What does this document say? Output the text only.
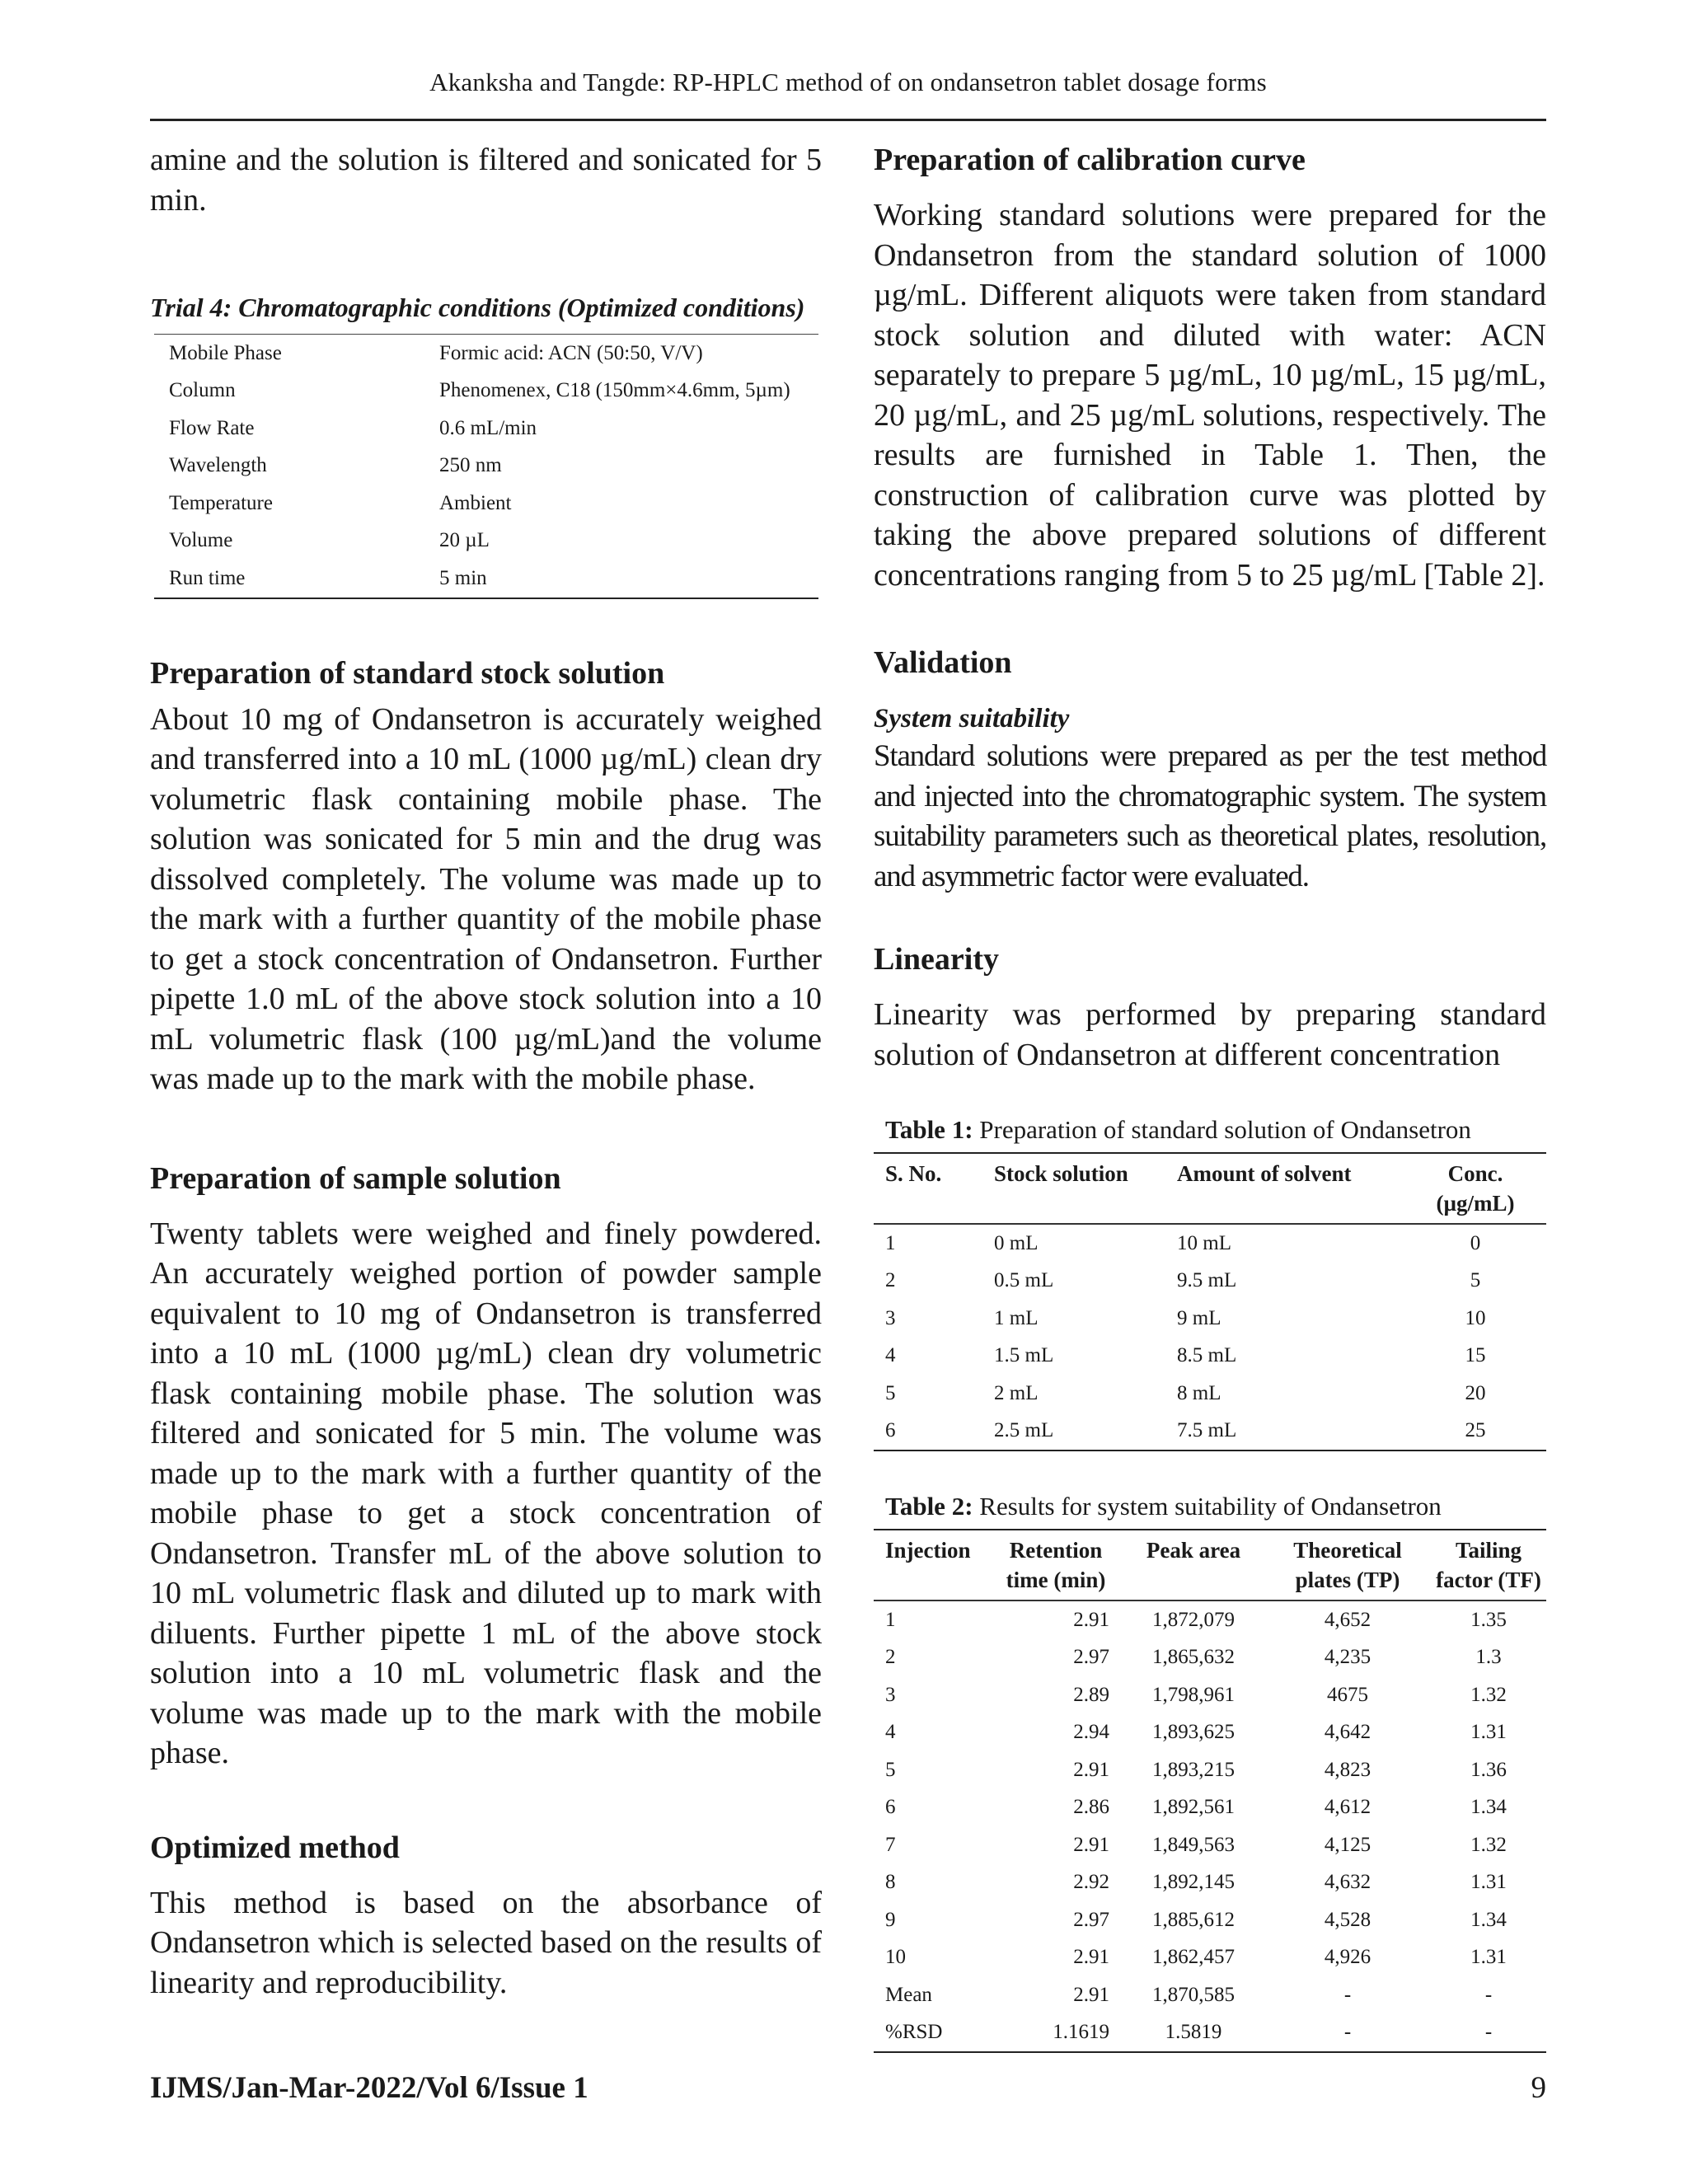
Akanksha and Tangde: RP-HPLC method of on ondansetron tablet dosage forms

amine and the solution is filtered and sonicated for 5 min.

Trial 4: Chromatographic conditions (Optimized conditions)

Mobile Phase	Formic acid: ACN (50:50, V/V)
Column	Phenomenex, C18 (150mm×4.6mm, 5µm)
Flow Rate	0.6 mL/min
Wavelength	250 nm
Temperature	Ambient
Volume	20 µL
Run time	5 min
Preparation of standard stock solution

About 10 mg of Ondansetron is accurately weighed and transferred into a 10 mL (1000 µg/mL) clean dry volumetric flask containing mobile phase. The solution was sonicated for 5 min and the drug was dissolved completely. The volume was made up to the mark with a further quantity of the mobile phase to get a stock concentration of Ondansetron. Further pipette 1.0 mL of the above stock solution into a 10 mL volumetric flask (100 µg/mL)and the volume was made up to the mark with the mobile phase.

Preparation of sample solution

Twenty tablets were weighed and finely powdered. An accurately weighed portion of powder sample equivalent to 10 mg of Ondansetron is transferred into a 10 mL (1000 µg/mL) clean dry volumetric flask containing mobile phase. The solution was filtered and sonicated for 5 min. The volume was made up to the mark with a further quantity of the mobile phase to get a stock concentration of Ondansetron. Transfer mL of the above solution to 10 mL volumetric flask and diluted up to mark with diluents. Further pipette 1 mL of the above stock solution into a 10 mL volumetric flask and the volume was made up to the mark with the mobile phase.

Optimized method

This method is based on the absorbance of Ondansetron which is selected based on the results of linearity and reproducibility.

Preparation of calibration curve

Working standard solutions were prepared for the Ondansetron from the standard solution of 1000 µg/mL. Different aliquots were taken from standard stock solution and diluted with water: ACN separately to prepare 5 µg/mL, 10 µg/mL, 15 µg/mL, 20 µg/mL, and 25 µg/mL solutions, respectively. The results are furnished in Table 1. Then, the construction of calibration curve was plotted by taking the above prepared solutions of different concentrations ranging from 5 to 25 µg/mL [Table 2].

Validation

System suitability

Standard solutions were prepared as per the test method and injected into the chromatographic system. The system suitability parameters such as theoretical plates, resolution, and asymmetric factor were evaluated.

Linearity

Linearity was performed by preparing standard solution of Ondansetron at different concentration

Table 1: Preparation of standard solution of Ondansetron

S. No.	Stock solution	Amount of solvent	Conc. (µg/mL)
1	0 mL	10 mL	0
2	0.5 mL	9.5 mL	5
3	1 mL	9 mL	10
4	1.5 mL	8.5 mL	15
5	2 mL	8 mL	20
6	2.5 mL	7.5 mL	25

Table 2: Results for system suitability of Ondansetron

Injection	Retention time (min)	Peak area	Theoretical plates (TP)	Tailing factor (TF)
1	2.91	1,872,079	4,652	1.35
2	2.97	1,865,632	4,235	1.3
3	2.89	1,798,961	4675	1.32
4	2.94	1,893,625	4,642	1.31
5	2.91	1,893,215	4,823	1.36
6	2.86	1,892,561	4,612	1.34
7	2.91	1,849,563	4,125	1.32
8	2.92	1,892,145	4,632	1.31
9	2.97	1,885,612	4,528	1.34
10	2.91	1,862,457	4,926	1.31
Mean	2.91	1,870,585	-	-
%RSD	1.1619	1.5819	-	-
IJMS/Jan-Mar-2022/Vol 6/Issue 1	9
